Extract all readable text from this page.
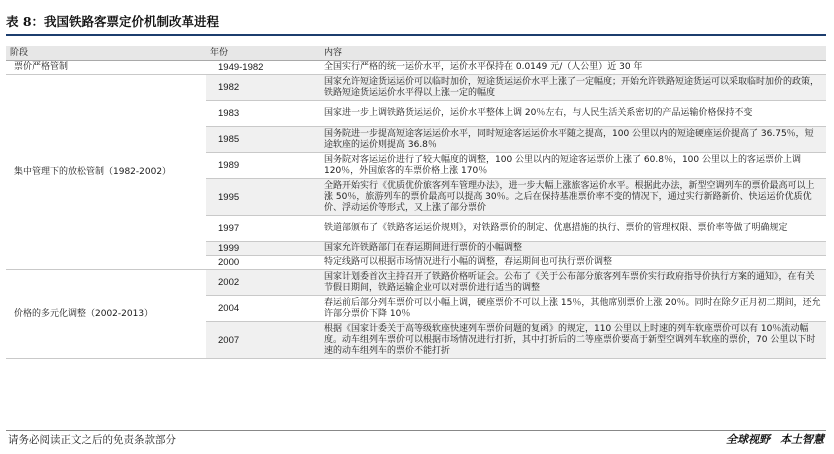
表 8：我国铁路客票定价机制改革进程
阶段	年份	内容
票价严格管制	1949-1982	全国实行严格的统一运价水平，运价水平保持在 0.0149 元/（人公里）近 30 年
集中管理下的放松管制（1982-2002）	1982	国家允许短途货运运价可以临时加价，短途货运运价水平上涨了一定幅度；开始允许铁路短途货运可以采取临时加价的政策，铁路短途货运运价水平得以上涨一定的幅度
	1983	国家进一步上调铁路货运运价，运价水平整体上调 20％左右，与人民生活关系密切的产品运输价格保持不变
	1985	国务院进一步提高短途客运运价水平，同时短途客运运价水平随之提高，100 公里以内的短途硬座运价提高了 36.75％，短途软座的运价则提高 36.8％
	1989	国务院对客运运价进行了较大幅度的调整，100 公里以内的短途客运票价上涨了 60.8％，100 公里以上的客运票价上调 120％，外国旅客的车票价格上涨 170％
	1995	全路开始实行《优质优价旅客列车管理办法》，进一步大幅上涨旅客运价水平。根据此办法，新型空调列车的票价最高可以上涨 50％，旅游列车的票价最高可以提高 30％。之后在保持基准票价率不变的情况下，通过实行新路新价、快运运价优质优价、浮动运价等形式，又上涨了部分票价
	1997	铁道部颁布了《铁路客运运价规则》，对铁路票价的制定、优惠措施的执行、票价的管理权限、票价率等做了明确规定
	1999	国家允许铁路部门在春运期间进行票价的小幅调整
	2000	特定线路可以根据市场情况进行小幅的调整，春运期间也可执行票价调整
价格的多元化调整（2002-2013）	2002	国家计划委首次主持召开了铁路价格听证会。公布了《关于公布部分旅客列车票价实行政府指导价执行方案的通知》，在有关节假日期间，铁路运输企业可以对票价进行适当的调整
	2004	春运前后部分列车票价可以小幅上调，硬座票价不可以上涨 15％，其他席别票价上涨 20％。同时在除夕正月初二期间，还允许部分票价下降 10％
	2007	根据《国家计委关于高等级软座快速列车票价问题的复函》的规定，110 公里以上时速的列车软座票价可以有 10％流动幅度。动车组列车票价可以根据市场情况进行打折，其中打折后的二等座票价要高于新型空调列车软座的票价，70 公里以下时速的动车组列车的票价不能打折
请务必阅读正文之后的免责条款部分	全球视野 本土智慧
